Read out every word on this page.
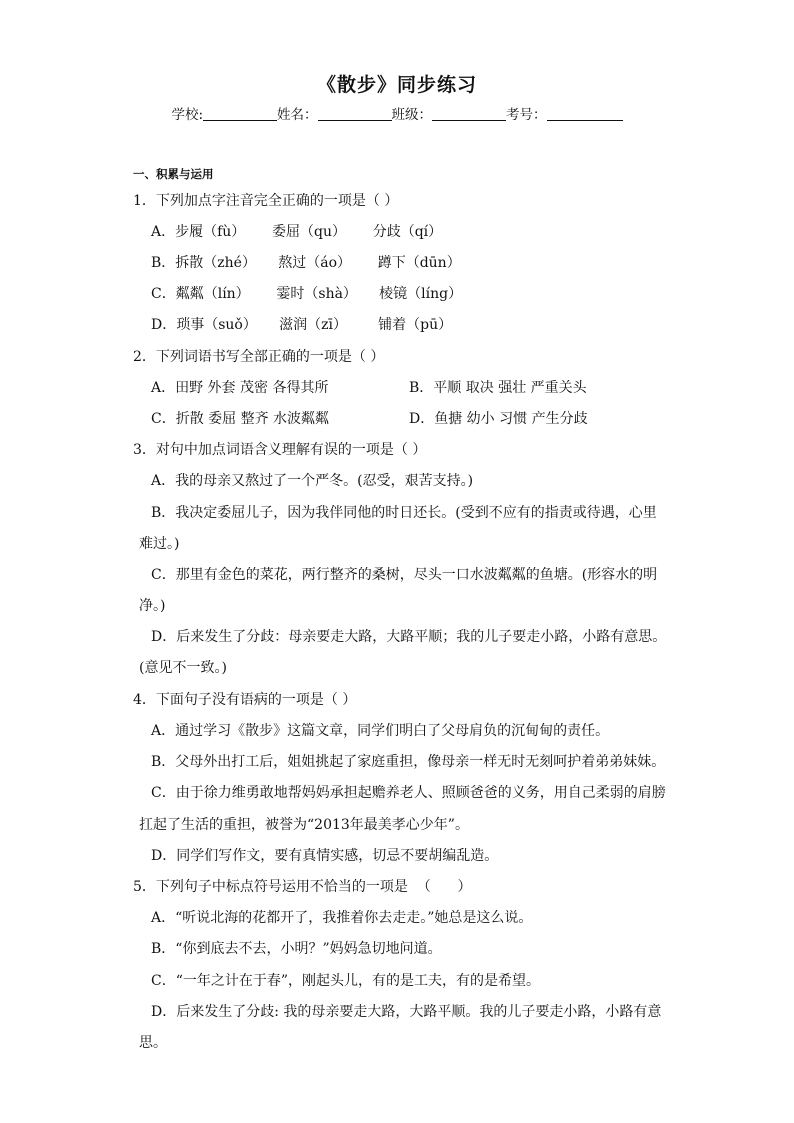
《散步》同步练习
学校:	姓名：	班级：	考号：
一、积累与运用
1．下列加点字注音完全正确的一项是（ ）
A．步履（fù）      委屈（qu）      分歧（qí）
B．拆散（zhé）     熬过（áo）      蹲下（dūn）
C．粼粼（lín）      霎时（shà）     棱镜（líng）
D．琐事（suǒ）     滋润（zī）       铺着（pū）
2．下列词语书写全部正确的一项是（ ）
A．田野 外套 茂密 各得其所	B．平顺 取决 强壮 严重关头
C．折散 委屈 整齐 水波粼粼	D．鱼搪 幼小 习惯 产生分歧
3．对句中加点词语含义理解有误的一项是（ ）
A．我的母亲又熬过了一个严冬。(忍受，艰苦支持。)
B．我决定委屈儿子，因为我伴同他的时日还长。(受到不应有的指责或待遇，心里
难过。)
C．那里有金色的菜花，两行整齐的桑树，尽头一口水波粼粼的鱼塘。(形容水的明
净。)
D．后来发生了分歧：母亲要走大路，大路平顺；我的儿子要走小路，小路有意思。
(意见不一致。)
4．下面句子没有语病的一项是（ ）
A．通过学习《散步》这篇文章，同学们明白了父母肩负的沉甸甸的责任。
B．父母外出打工后，姐姐挑起了家庭重担，像母亲一样无时无刻呵护着弟弟妹妹。
C．由于徐力维勇敢地帮妈妈承担起赡养老人、照顾爸爸的义务，用自己柔弱的肩膀
扛起了生活的重担，被誉为“2013年最美孝心少年”。
D．同学们写作文，要有真情实感，切忌不要胡编乱造。
5．下列句子中标点符号运用不恰当的一项是  （      ）
A．“听说北海的花都开了，我推着你去走走。”她总是这么说。
B．“你到底去不去，小明？”妈妈急切地问道。
C．“一年之计在于春”，刚起头儿，有的是工夫，有的是希望。
D．后来发生了分歧: 我的母亲要走大路，大路平顺。我的儿子要走小路，小路有意
思。
